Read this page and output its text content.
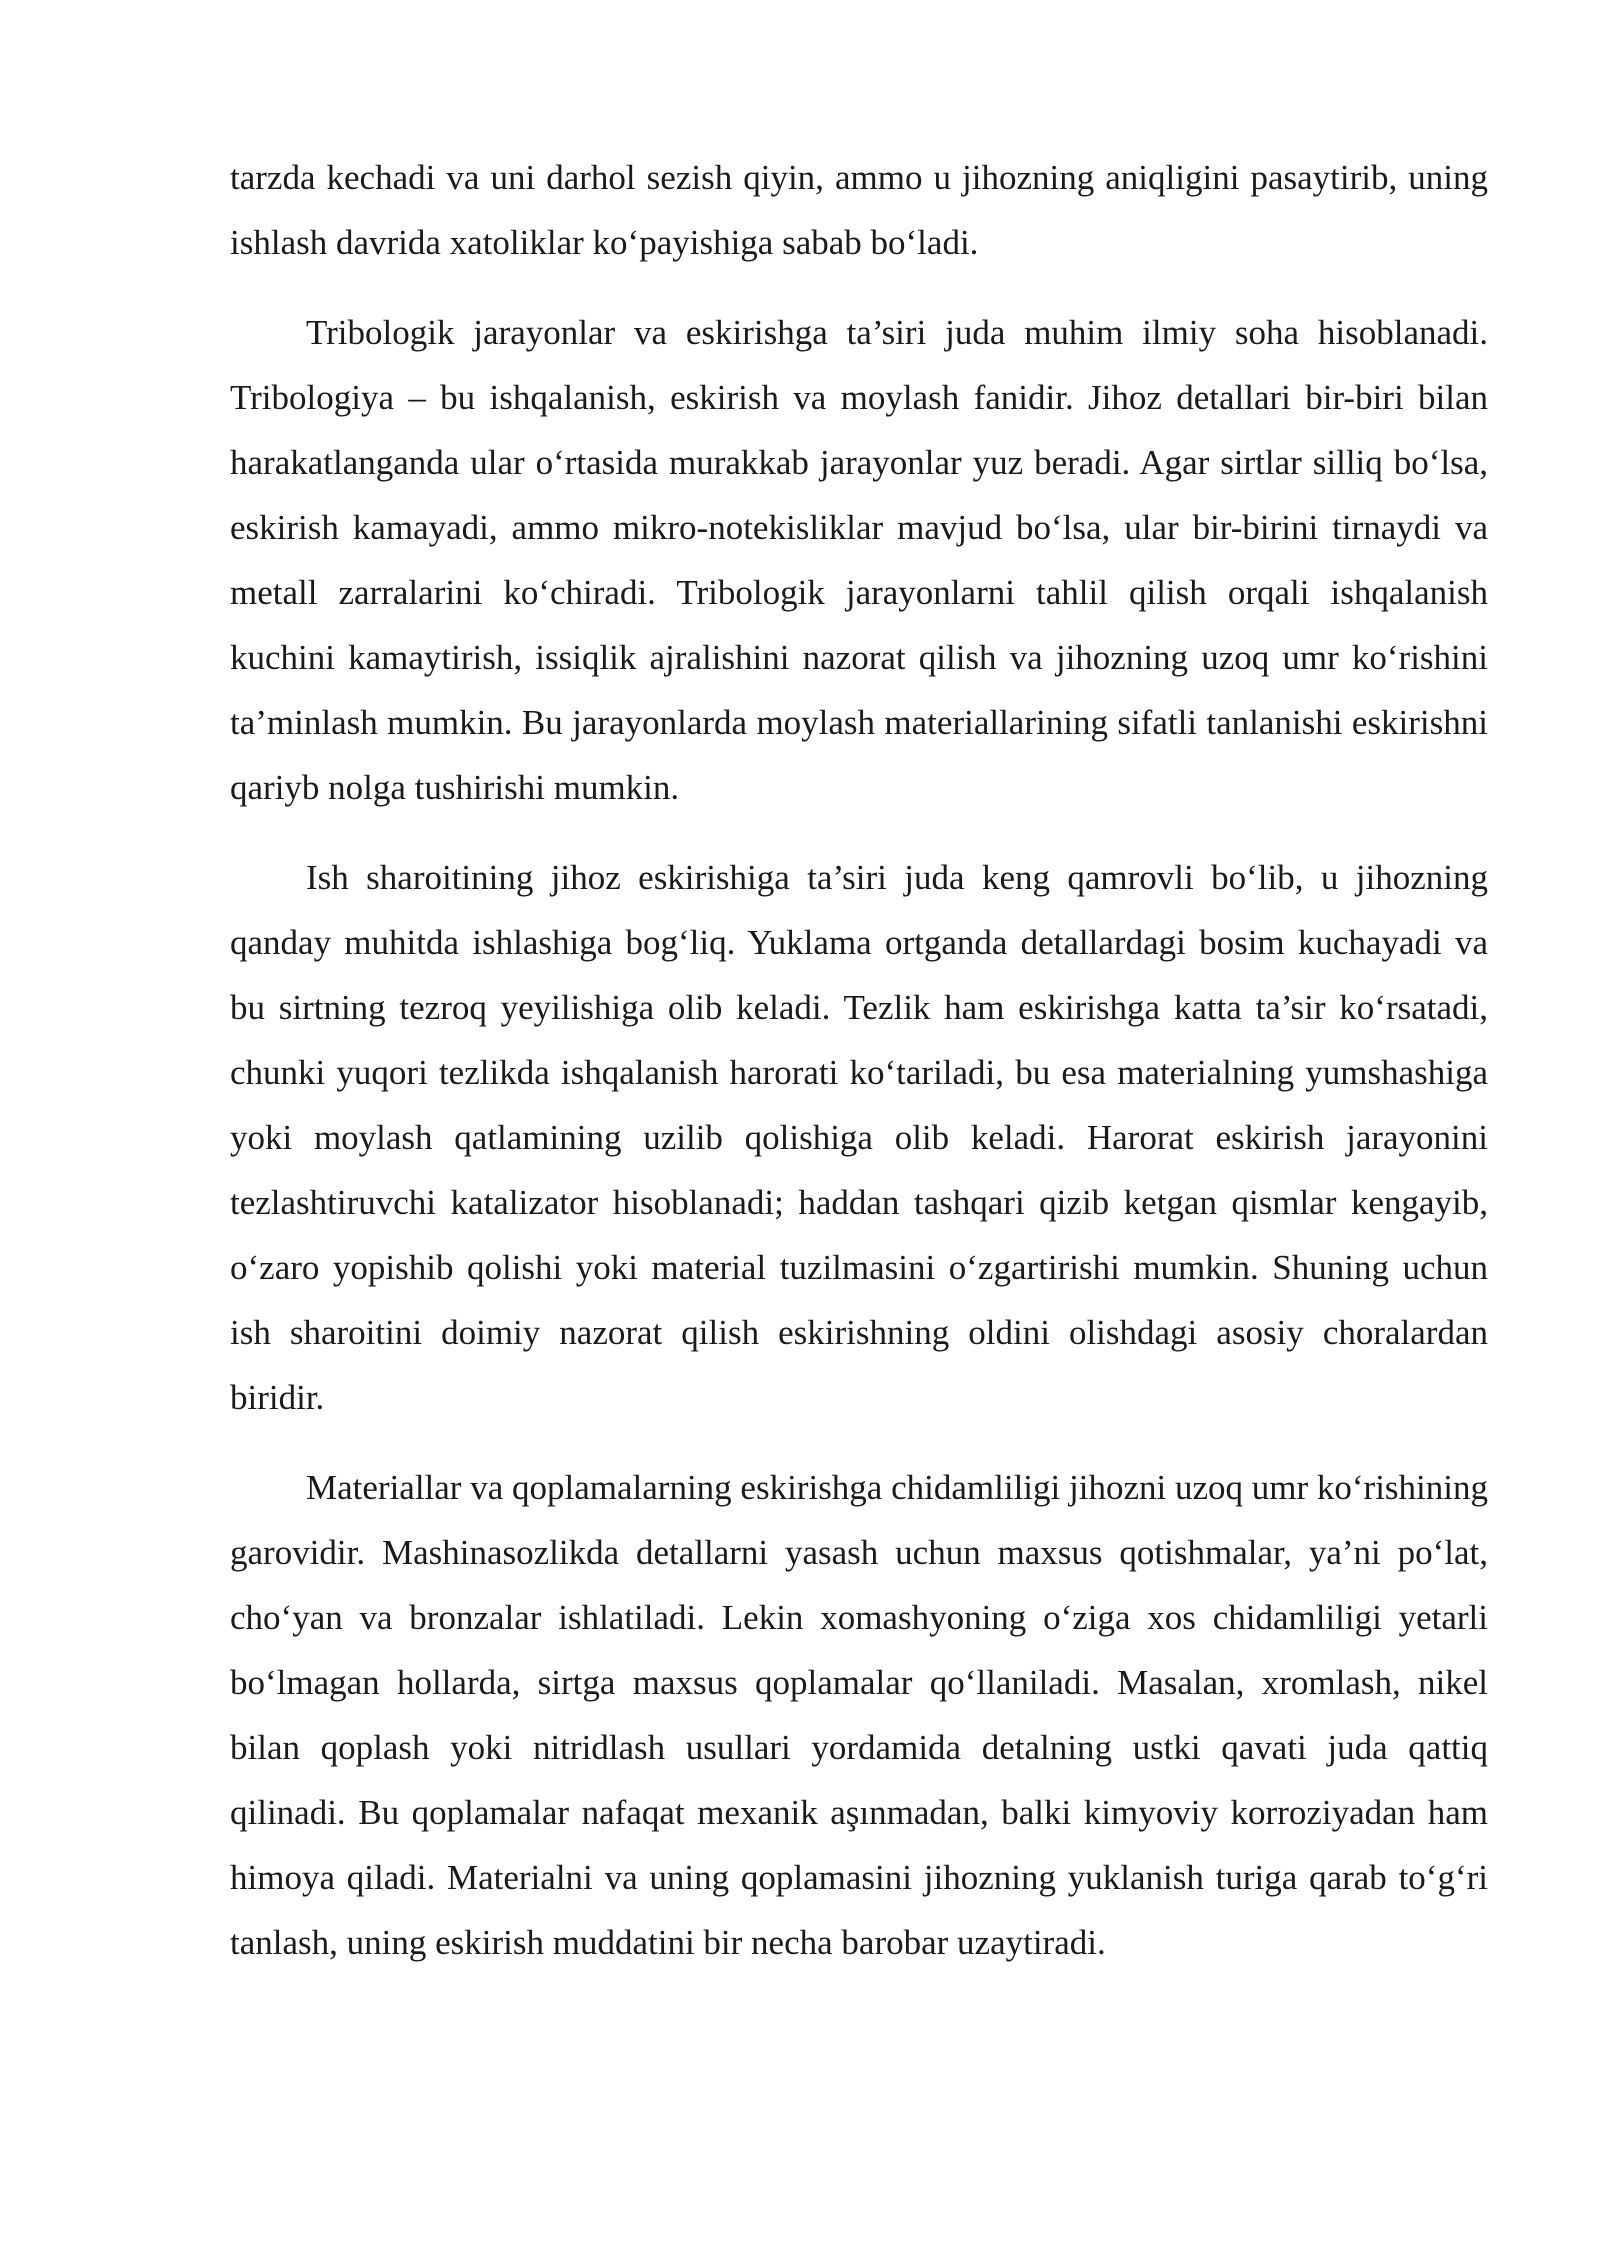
tarzda kechadi va uni darhol sezish qiyin, ammo u jihozning aniqligini pasaytirib, uning ishlash davrida xatoliklar ko‘payishiga sabab bo‘ladi.

Tribologik jarayonlar va eskirishga ta’siri juda muhim ilmiy soha hisoblanadi. Tribologiya – bu ishqalanish, eskirish va moylash fanidir. Jihoz detallari bir-biri bilan harakatlanganda ular o‘rtasida murakkab jarayonlar yuz beradi. Agar sirtlar silliq bo‘lsa, eskirish kamayadi, ammo mikro-notekisliklar mavjud bo‘lsa, ular bir-birini tirnaydi va metall zarralarini ko‘chiradi. Tribologik jarayonlarni tahlil qilish orqali ishqalanish kuchini kamaytirish, issiqlik ajralishini nazorat qilish va jihozning uzoq umr ko‘rishini ta’minlash mumkin. Bu jarayonlarda moylash materiallarining sifatli tanlanishi eskirishni qariyb nolga tushirishi mumkin.

Ish sharoitining jihoz eskirishiga ta’siri juda keng qamrovli bo‘lib, u jihozning qanday muhitda ishlashiga bog‘liq. Yuklama ortganda detallardagi bosim kuchayadi va bu sirtning tezroq yeyilishiga olib keladi. Tezlik ham eskirishga katta ta’sir ko‘rsatadi, chunki yuqori tezlikda ishqalanish harorati ko‘tariladi, bu esa materialning yumshashiga yoki moylash qatlamining uzilib qolishiga olib keladi. Harorat eskirish jarayonini tezlashtiruvchi katalizator hisoblanadi; haddan tashqari qizib ketgan qismlar kengayib, o‘zaro yopishib qolishi yoki material tuzilmasini o‘zgartirishi mumkin. Shuning uchun ish sharoitini doimiy nazorat qilish eskirishning oldini olishdagi asosiy choralardan biridir.

Materiallar va qoplamalarning eskirishga chidamliligi jihozni uzoq umr ko‘rishining garovidir. Mashinasozlikda detallarni yasash uchun maxsus qotishmalar, ya’ni po‘lat, cho‘yan va bronzalar ishlatiladi. Lekin xomashyoning o‘ziga xos chidamliligi yetarli bo‘lmagan hollarda, sirtga maxsus qoplamalar qo‘llaniladi. Masalan, xromlash, nikel bilan qoplash yoki nitridlash usullari yordamida detalning ustki qavati juda qattiq qilinadi. Bu qoplamalar nafaqat mexanik aşınmadan, balki kimyoviy korroziyadan ham himoya qiladi. Materialni va uning qoplamasini jihozning yuklanish turiga qarab to‘g‘ri tanlash, uning eskirish muddatini bir necha barobar uzaytiradi.
